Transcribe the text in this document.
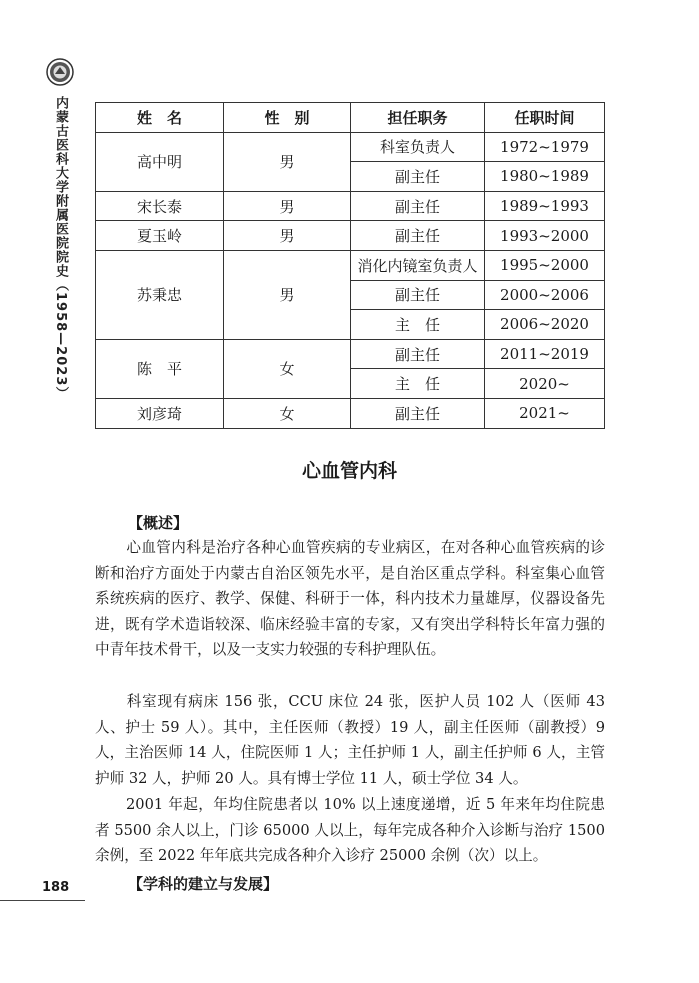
内蒙古医科大学附属医院院史（1958—2023）	姓　名	性　别	担任职务	任职时间
高中明	男	科室负责人	1972~1979
		副主任	1980~1989
宋长泰	男	副主任	1989~1993
夏玉岭	男	副主任	1993~2000
苏秉忠	男	消化内镜室负责人	1995~2000
		副主任	2000~2006
		主　任	2006~2020
陈　平	女	副主任	2011~2019
		主　任	2020~
刘彦琦	女	副主任	2021~
心血管内科
【概述】

心血管内科是治疗各种心血管疾病的专业病区，在对各种心血管疾病的诊断和治疗方面处于内蒙古自治区领先水平，是自治区重点学科。科室集心血管系统疾病的医疗、教学、保健、科研于一体，科内技术力量雄厚，仪器设备先进，既有学术造诣较深、临床经验丰富的专家，又有突出学科特长年富力强的中青年技术骨干，以及一支实力较强的专科护理队伍。

科室现有病床 156 张，CCU 床位 24 张，医护人员 102 人（医师 43 人、护士 59 人）。其中，主任医师（教授）19 人，副主任医师（副教授）9 人，主治医师 14 人，住院医师 1 人；主任护师 1 人，副主任护师 6 人，主管护师 32 人，护师 20 人。具有博士学位 11 人，硕士学位 34 人。

2001 年起，年均住院患者以 10% 以上速度递增，近 5 年来年均住院患者 5500 余人以上，门诊 65000 人以上，每年完成各种介入诊断与治疗 1500 余例，至 2022 年年底共完成各种介入诊疗 25000 余例（次）以上。

【学科的建立与发展】
188
